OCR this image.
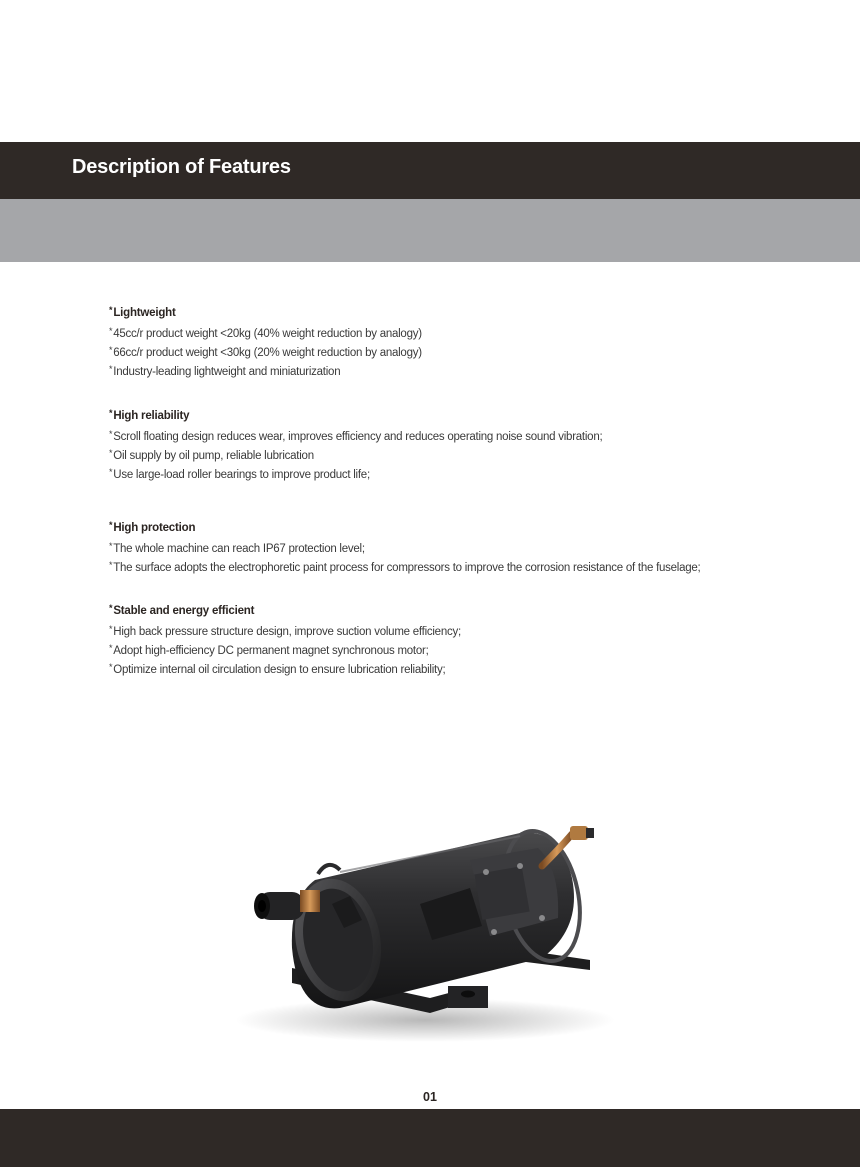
Description of Features
*Lightweight
*45cc/r product weight <20kg (40% weight reduction by analogy)
*66cc/r product weight <30kg (20% weight reduction by analogy)
*Industry-leading lightweight and miniaturization
*High reliability
*Scroll floating design reduces wear, improves efficiency and reduces operating noise sound vibration;
*Oil supply by oil pump, reliable lubrication
*Use large-load roller bearings to improve product life;
*High protection
*The whole machine can reach IP67 protection level;
*The surface adopts the electrophoretic paint process for compressors to improve the corrosion resistance of the fuselage;
*Stable and energy efficient
*High back pressure structure design, improve suction volume efficiency;
*Adopt high-efficiency DC permanent magnet synchronous motor;
*Optimize internal oil circulation design to ensure lubrication reliability;
01
